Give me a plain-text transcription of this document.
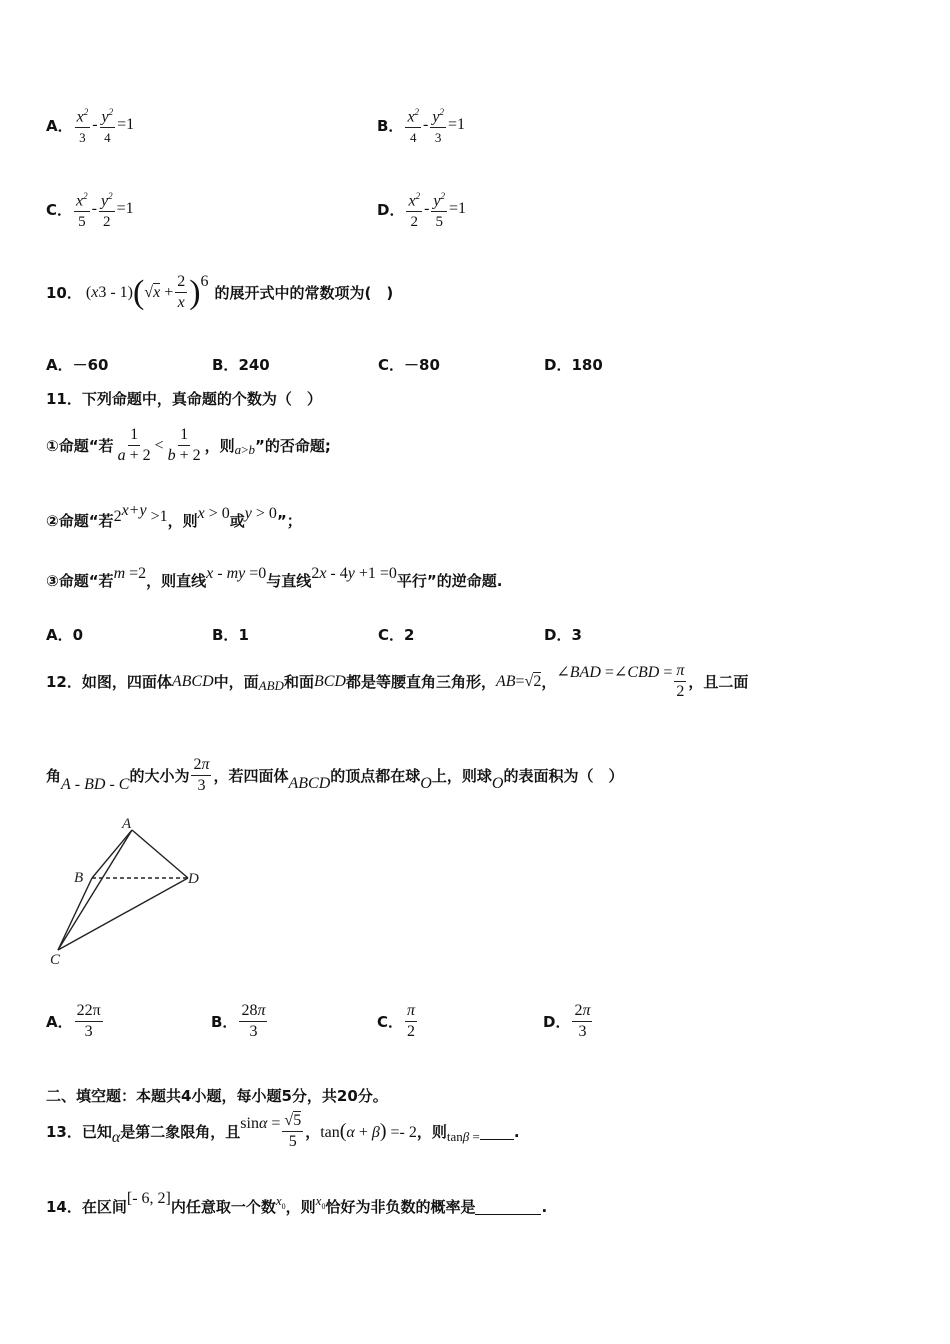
A． $\frac{x^2}{3} - \frac{y^2}{4} =1$	B． $\frac{x^2}{4} - \frac{y^2}{3} =1$
C． $\frac{x^2}{5} - \frac{y^2}{2} =1$	D． $\frac{x^2}{2} - \frac{y^2}{5} =1$
10． ( x 3 - 1) ( √ $x + \frac{2}{x}$ ) 6
的展开式中的常数项为(　)
A．－60	B．240	C．－80	D．180
11．下列命题中，真命题的个数为（　）
①命题“若 $\frac{1}{a + 2} < \frac{1}{b + 2}$ ，则 a > b ”的否命题;
②命题“若 $2^{x+y} >1$ ，则 x > 0 或 y > 0 ”；
③命题“若 m =2 ，则直线 x - my =0 与直线 2x - 4y +1 =0 平行”的逆命题.
A．0	B．1	C．2	D．3
12．如图，四面体 ABCD 中，面 ABD 和面 BCD 都是等腰直角三角形， AB =√2 ，
∠BAD =∠CBD = $\frac{\pi}{2}$ ，且二面
角 A - BD - C 的大小为 $\frac{2\pi}{3}$ ，若四面体 ABCD 的顶点都在球 O 上，则球 O 的表面积为（　）
A
B	D
C
A． $\frac{22\pi}{3}$	B． $\frac{28\pi}{3}$	C． $\frac{\pi}{2}$	D． $\frac{2\pi}{3}$
二、填空题：本题共4小题，每小题5分，共20分。
13．已知 α 是第二象限角，且 $\sin\alpha = \frac{√5}{5}$ ， tan(α + β) =- 2 ，则 tanβ = .
14．在区间 [- 6, 2] 内任意取一个数 $x_0$ ，则 $x_0$ 恰好为非负数的概率是	.
